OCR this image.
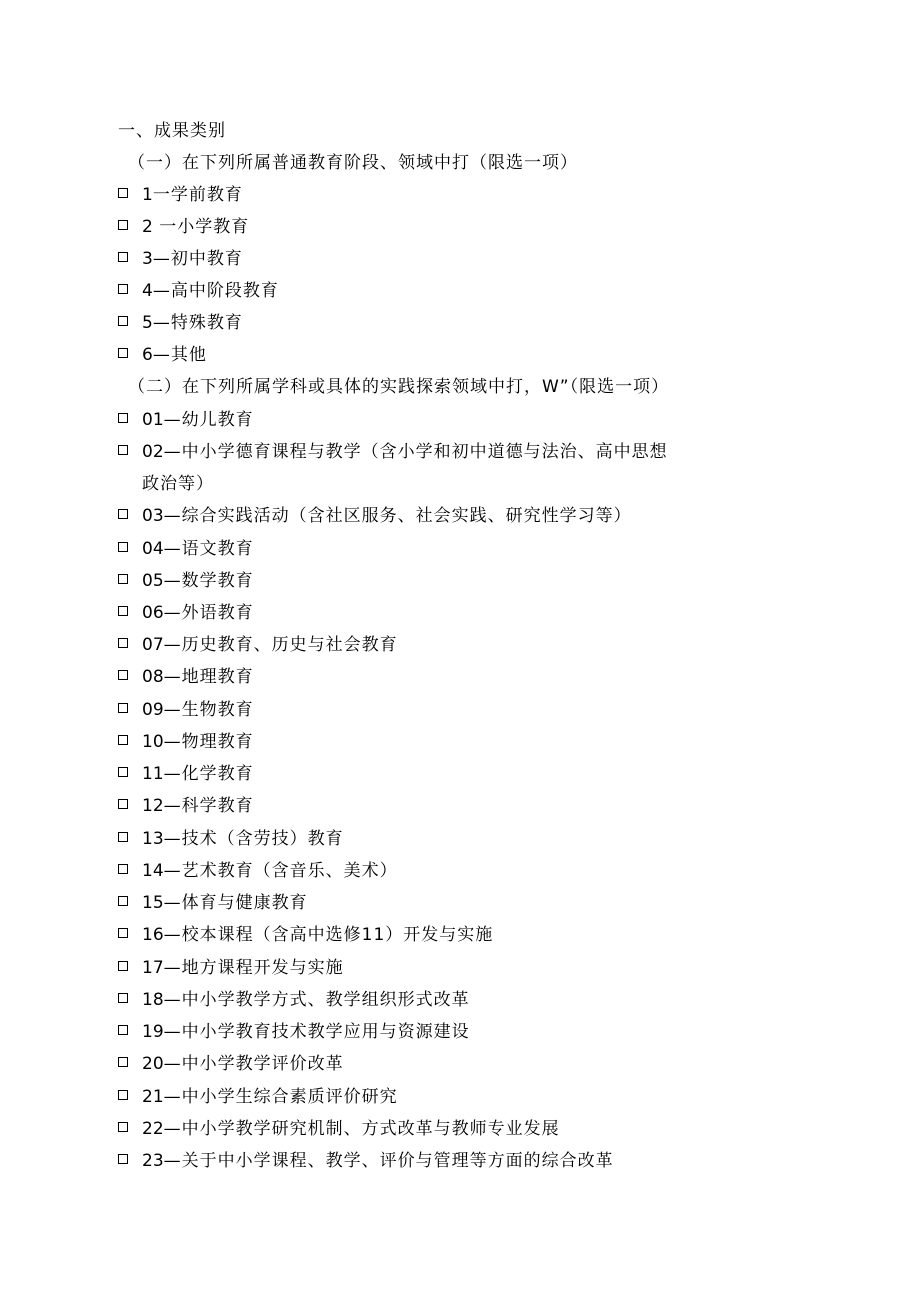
一、成果类别
（一）在下列所属普通教育阶段、领域中打（限选一项）
1一学前教育
2 一小学教育
3—初中教育
4—高中阶段教育
5—特殊教育
6—其他
（二）在下列所属学科或具体的实践探索领域中打，W”（限选一项）
01—幼儿教育
02—中小学德育课程与教学（含小学和初中道德与法治、高中思想
政治等）
03—综合实践活动（含社区服务、社会实践、研究性学习等）
04—语文教育
05—数学教育
06—外语教育
07—历史教育、历史与社会教育
08—地理教育
09—生物教育
10—物理教育
11—化学教育
12—科学教育
13—技术（含劳技）教育
14—艺术教育（含音乐、美术）
15—体育与健康教育
16—校本课程（含高中选修11）开发与实施
17—地方课程开发与实施
18—中小学教学方式、教学组织形式改革
19—中小学教育技术教学应用与资源建设
20—中小学教学评价改革
21—中小学生综合素质评价研究
22—中小学教学研究机制、方式改革与教师专业发展
23—关于中小学课程、教学、评价与管理等方面的综合改革
